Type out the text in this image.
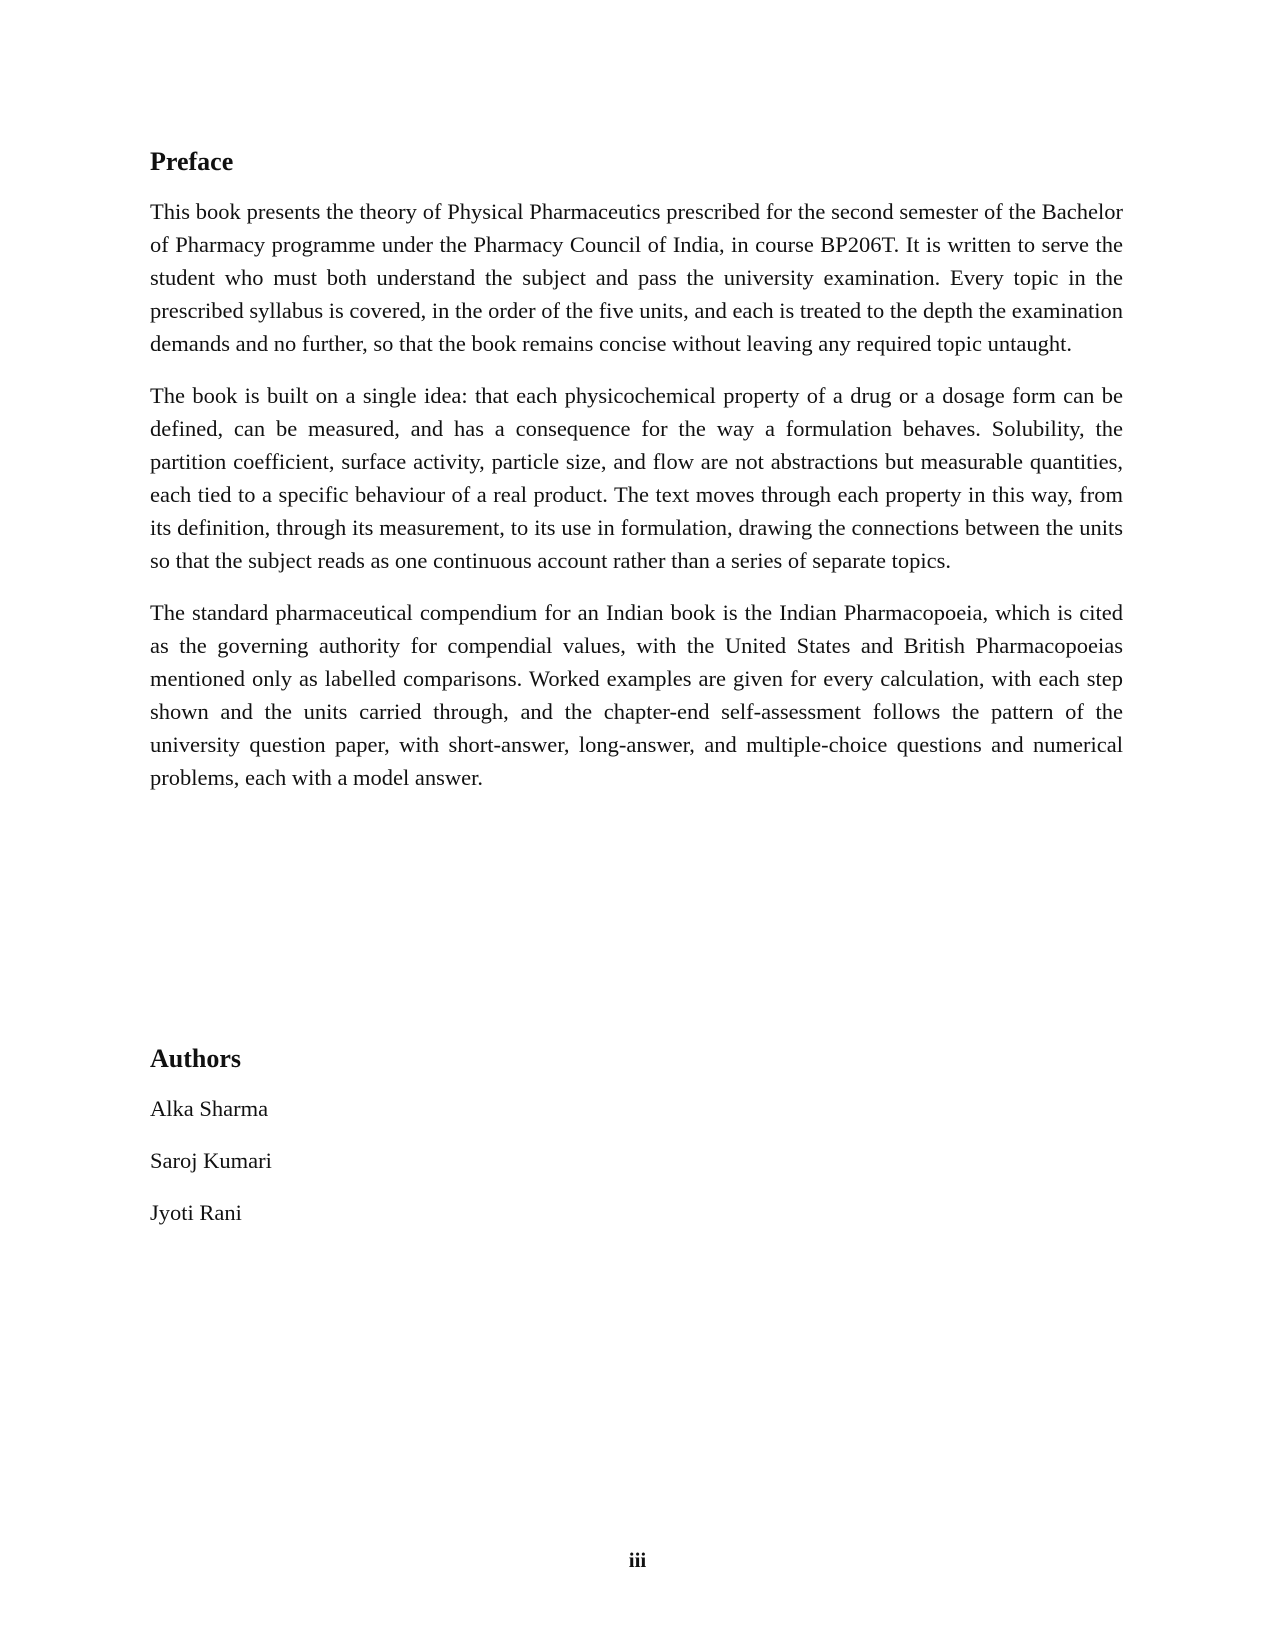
Preface

This book presents the theory of Physical Pharmaceutics prescribed for the second semester of the Bachelor of Pharmacy programme under the Pharmacy Council of India, in course BP206T. It is written to serve the student who must both understand the subject and pass the university examination. Every topic in the prescribed syllabus is covered, in the order of the five units, and each is treated to the depth the examination demands and no further, so that the book remains concise without leaving any required topic untaught.

The book is built on a single idea: that each physicochemical property of a drug or a dosage form can be defined, can be measured, and has a consequence for the way a formulation behaves. Solubility, the partition coefficient, surface activity, particle size, and flow are not abstractions but measurable quantities, each tied to a specific behaviour of a real product. The text moves through each property in this way, from its definition, through its measurement, to its use in formulation, drawing the connections between the units so that the subject reads as one continuous account rather than a series of separate topics.

The standard pharmaceutical compendium for an Indian book is the Indian Pharmacopoeia, which is cited as the governing authority for compendial values, with the United States and British Pharmacopoeias mentioned only as labelled comparisons. Worked examples are given for every calculation, with each step shown and the units carried through, and the chapter-end self-assessment follows the pattern of the university question paper, with short-answer, long-answer, and multiple-choice questions and numerical problems, each with a model answer.

Authors

Alka Sharma

Saroj Kumari

Jyoti Rani

iii
